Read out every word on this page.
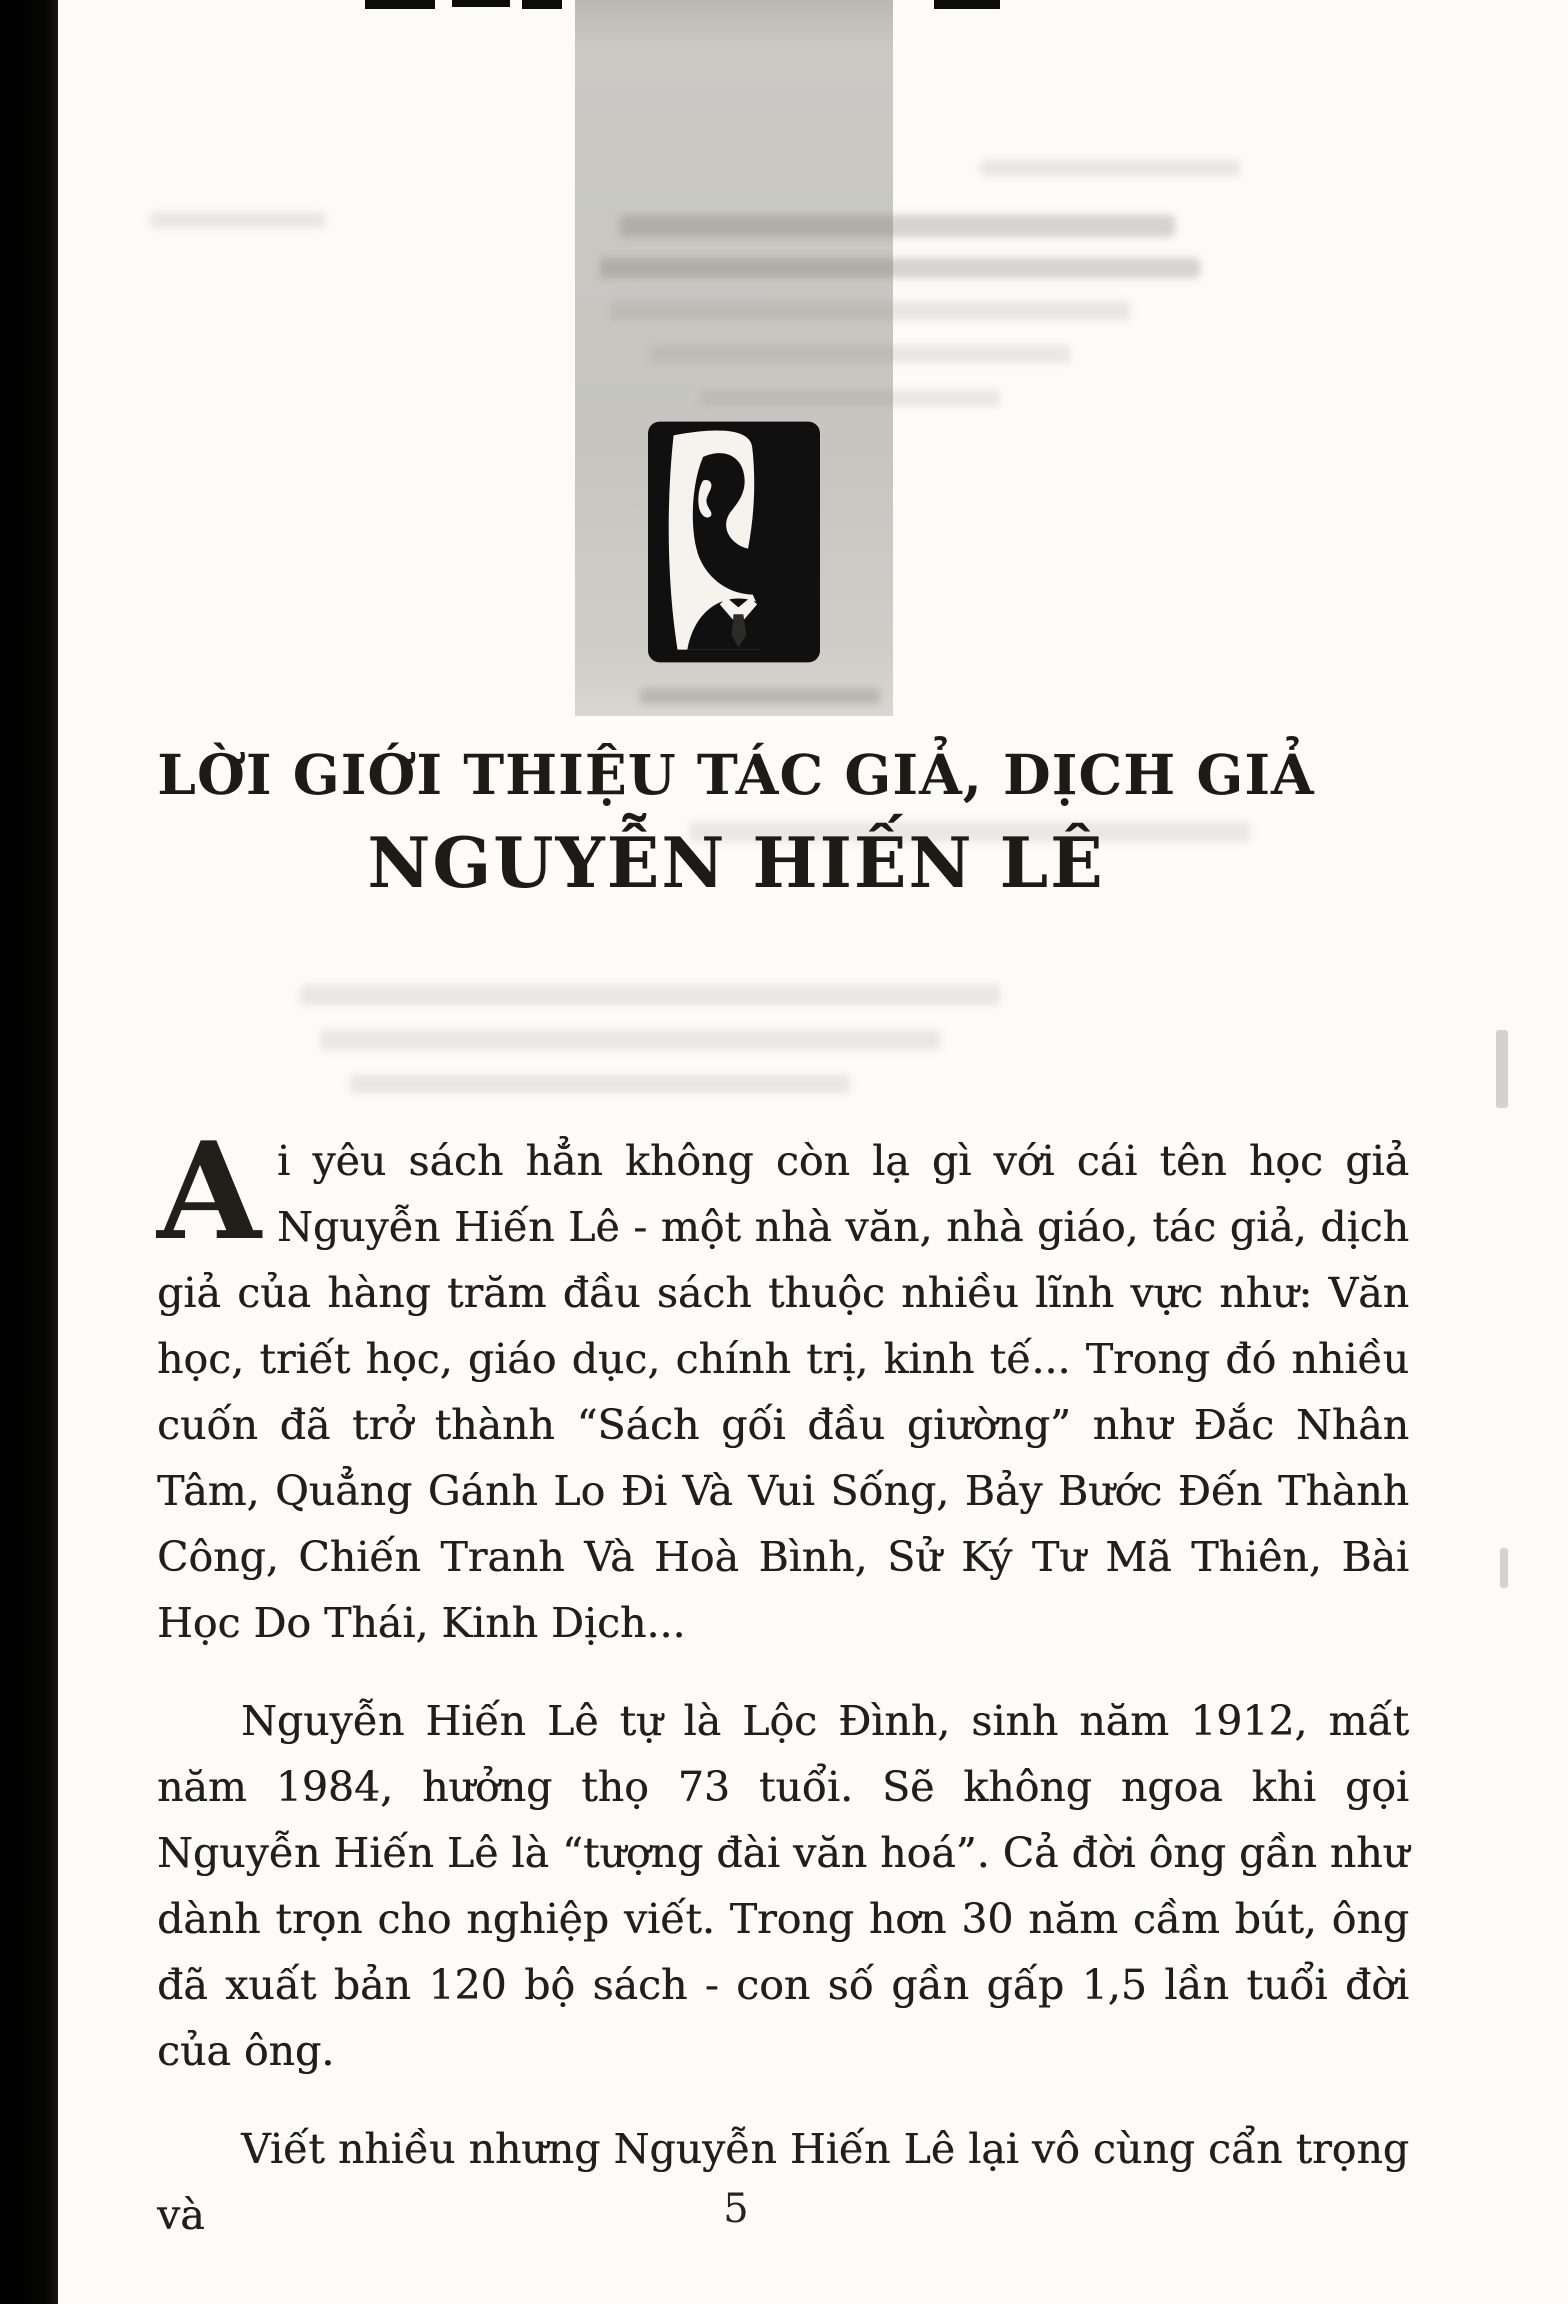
LỜI GIỚI THIỆU TÁC GIẢ, DỊCH GIẢ
NGUYỄN HIẾN LÊ

Ai yêu sách hẳn không còn lạ gì với cái tên học giả Nguyễn Hiến Lê - một nhà văn, nhà giáo, tác giả, dịch giả của hàng trăm đầu sách thuộc nhiều lĩnh vực như: Văn học, triết học, giáo dục, chính trị, kinh tế... Trong đó nhiều cuốn đã trở thành “Sách gối đầu giường” như Đắc Nhân Tâm, Quẳng Gánh Lo Đi Và Vui Sống, Bảy Bước Đến Thành Công, Chiến Tranh Và Hoà Bình, Sử Ký Tư Mã Thiên, Bài Học Do Thái, Kinh Dịch...

Nguyễn Hiến Lê tự là Lộc Đình, sinh năm 1912, mất năm 1984, hưởng thọ 73 tuổi. Sẽ không ngoa khi gọi Nguyễn Hiến Lê là “tượng đài văn hoá”. Cả đời ông gần như dành trọn cho nghiệp viết. Trong hơn 30 năm cầm bút, ông đã xuất bản 120 bộ sách - con số gần gấp 1,5 lần tuổi đời của ông.

Viết nhiều nhưng Nguyễn Hiến Lê lại vô cùng cẩn trọng và	5
